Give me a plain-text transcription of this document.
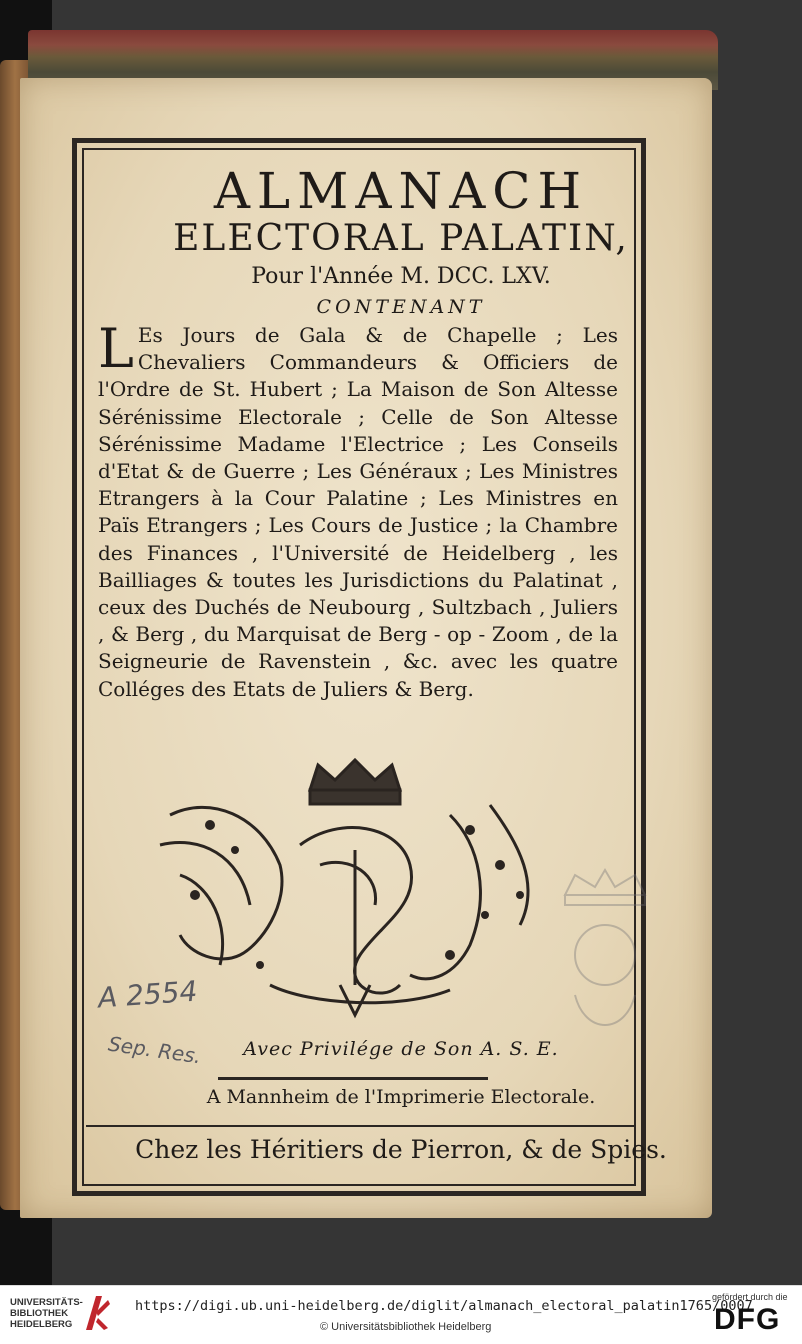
ALMANACH
ELECTORAL PALATIN,
Pour l'Année M. DCC. LXV.
CONTENANT
L Es Jours de Gala & de Chapelle ; Les Chevaliers Commandeurs & Officiers de l'Ordre de St. Hubert ; La Maison de Son Altesse Sérénissime Electorale ; Celle de Son Altesse Sérénissime Madame l'Electrice ; Les Conseils d'Etat & de Guerre ; Les Généraux ; Les Ministres Etrangers à la Cour Palatine ; Les Ministres en Païs Etrangers ; Les Cours de Justice ; la Chambre des Finances , l'Université de Heidelberg , les Bailliages & toutes les Jurisdictions du Palatinat , ceux des Duchés de Neubourg , Sultzbach , Juliers , & Berg , du Marquisat de Berg - op - Zoom , de la Seigneurie de Ravenstein , &c. avec les quatre Colléges des Etats de Juliers & Berg.
A 2554
Sep. Res.	Avec Privilége de Son A. S. E.
A Mannheim de l'Imprimerie Electorale.
Chez les Héritiers de Pierron, & de Spies.
UNIVERSITÄTS-
BIBLIOTHEK
HEIDELBERG
https://digi.ub.uni-heidelberg.de/diglit/almanach_electoral_palatin1765/0007
© Universitätsbibliothek Heidelberg
gefördert durch die
DFG
